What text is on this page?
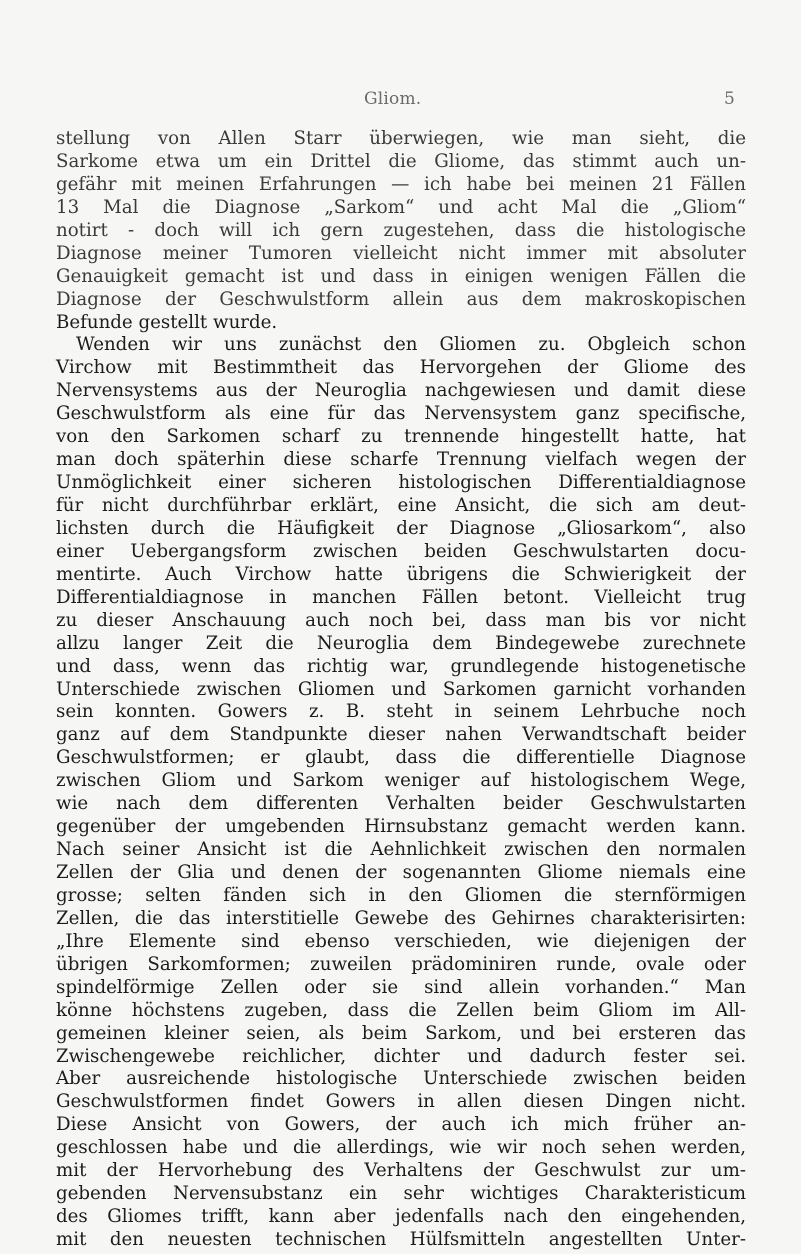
Gliom.	5
stellung von Allen Starr überwiegen, wie man sieht, die
Sarkome etwa um ein Drittel die Gliome, das stimmt auch un-
gefähr mit meinen Erfahrungen — ich habe bei meinen 21 Fällen
13 Mal die Diagnose „Sarkom“ und acht Mal die „Gliom“
notirt - doch will ich gern zugestehen, dass die histologische
Diagnose meiner Tumoren vielleicht nicht immer mit absoluter
Genauigkeit gemacht ist und dass in einigen wenigen Fällen die
Diagnose der Geschwulstform allein aus dem makroskopischen
Befunde gestellt wurde.
Wenden wir uns zunächst den Gliomen zu. Obgleich schon
Virchow mit Bestimmtheit das Hervorgehen der Gliome des
Nervensystems aus der Neuroglia nachgewiesen und damit diese
Geschwulstform als eine für das Nervensystem ganz specifische,
von den Sarkomen scharf zu trennende hingestellt hatte, hat
man doch späterhin diese scharfe Trennung vielfach wegen der
Unmöglichkeit einer sicheren histologischen Differentialdiagnose
für nicht durchführbar erklärt, eine Ansicht, die sich am deut-
lichsten durch die Häufigkeit der Diagnose „Gliosarkom“, also
einer Uebergangsform zwischen beiden Geschwulstarten docu-
mentirte. Auch Virchow hatte übrigens die Schwierigkeit der
Differentialdiagnose in manchen Fällen betont. Vielleicht trug
zu dieser Anschauung auch noch bei, dass man bis vor nicht
allzu langer Zeit die Neuroglia dem Bindegewebe zurechnete
und dass, wenn das richtig war, grundlegende histogenetische
Unterschiede zwischen Gliomen und Sarkomen garnicht vorhanden
sein konnten. Gowers z. B. steht in seinem Lehrbuche noch
ganz auf dem Standpunkte dieser nahen Verwandtschaft beider
Geschwulstformen; er glaubt, dass die differentielle Diagnose
zwischen Gliom und Sarkom weniger auf histologischem Wege,
wie nach dem differenten Verhalten beider Geschwulstarten
gegenüber der umgebenden Hirnsubstanz gemacht werden kann.
Nach seiner Ansicht ist die Aehnlichkeit zwischen den normalen
Zellen der Glia und denen der sogenannten Gliome niemals eine
grosse; selten fänden sich in den Gliomen die sternförmigen
Zellen, die das interstitielle Gewebe des Gehirnes charakterisirten:
„Ihre Elemente sind ebenso verschieden, wie diejenigen der
übrigen Sarkomformen; zuweilen prädominiren runde, ovale oder
spindelförmige Zellen oder sie sind allein vorhanden.“ Man
könne höchstens zugeben, dass die Zellen beim Gliom im All-
gemeinen kleiner seien, als beim Sarkom, und bei ersteren das
Zwischengewebe reichlicher, dichter und dadurch fester sei.
Aber ausreichende histologische Unterschiede zwischen beiden
Geschwulstformen findet Gowers in allen diesen Dingen nicht.
Diese Ansicht von Gowers, der auch ich mich früher an-
geschlossen habe und die allerdings, wie wir noch sehen werden,
mit der Hervorhebung des Verhaltens der Geschwulst zur um-
gebenden Nervensubstanz ein sehr wichtiges Charakteristicum
des Gliomes trifft, kann aber jedenfalls nach den eingehenden,
mit den neuesten technischen Hülfsmitteln angestellten Unter-
